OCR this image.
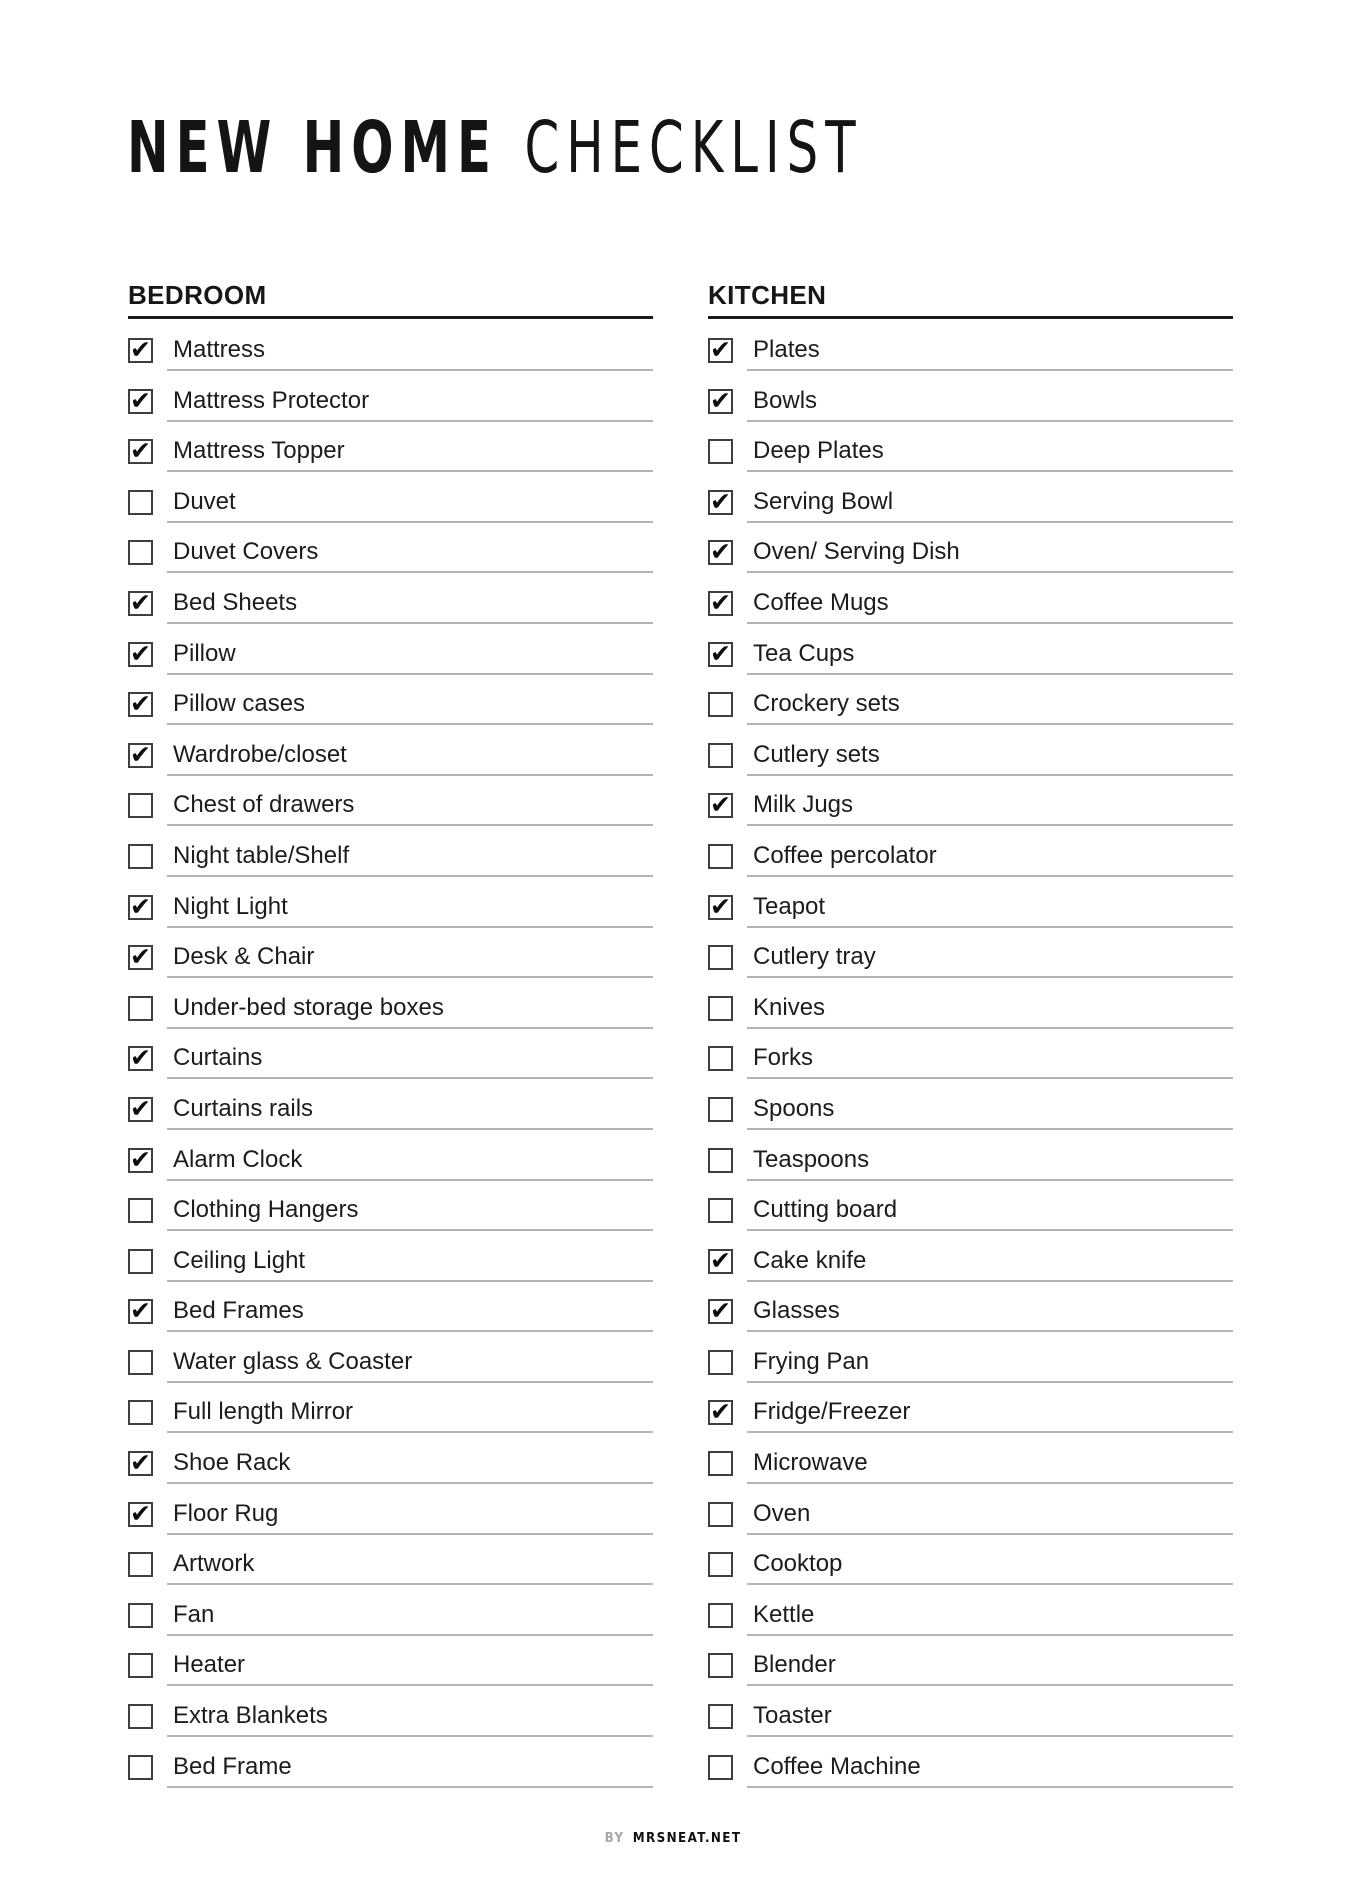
NEW HOME CHECKLIST
BEDROOM
✔ Mattress
✔ Mattress Protector
✔ Mattress Topper
Duvet
Duvet Covers
✔ Bed Sheets
✔ Pillow
✔ Pillow cases
✔ Wardrobe/closet
Chest of drawers
Night table/Shelf
✔ Night Light
✔ Desk & Chair
Under-bed storage boxes
✔ Curtains
✔ Curtains rails
✔ Alarm Clock
Clothing Hangers
Ceiling Light
✔ Bed Frames
Water glass & Coaster
Full length Mirror
✔ Shoe Rack
✔ Floor Rug
Artwork
Fan
Heater
Extra Blankets
Bed Frame
KITCHEN
✔ Plates
✔ Bowls
Deep Plates
✔ Serving Bowl
✔ Oven/ Serving Dish
✔ Coffee Mugs
✔ Tea Cups
Crockery sets
Cutlery sets
✔ Milk Jugs
Coffee percolator
✔ Teapot
Cutlery tray
Knives
Forks
Spoons
Teaspoons
Cutting board
✔ Cake knife
✔ Glasses
Frying Pan
✔ Fridge/Freezer
Microwave
Oven
Cooktop
Kettle
Blender
Toaster
Coffee Machine
BY MRSNEAT.NET
